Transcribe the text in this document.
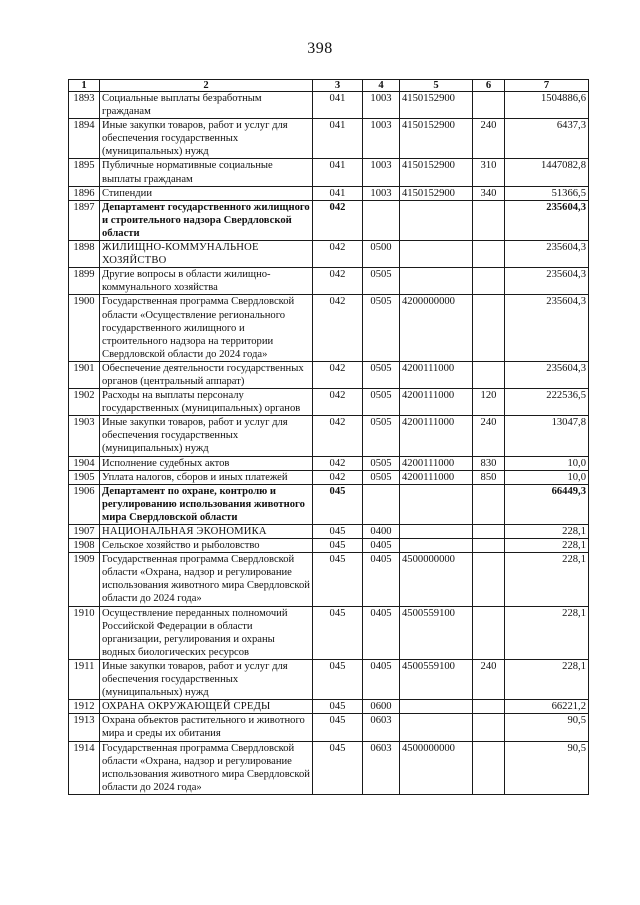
398
1	2	3	4	5	6	7
1893	Социальные выплаты безработным гражданам	041	1003	4150152900		1504886,6
1894	Иные закупки товаров, работ и услуг для обеспечения государственных (муниципальных) нужд	041	1003	4150152900	240	6437,3
1895	Публичные нормативные социальные выплаты гражданам	041	1003	4150152900	310	1447082,8
1896	Стипендии	041	1003	4150152900	340	51366,5
1897	Департамент государственного жилищного и строительного надзора Свердловской области	042				235604,3
1898	ЖИЛИЩНО-КОММУНАЛЬНОЕ ХОЗЯЙСТВО	042	0500			235604,3
1899	Другие вопросы в области жилищно-коммунального хозяйства	042	0505			235604,3
1900	Государственная программа Свердловской области «Осуществление регионального государственного жилищного и строительного надзора на территории Свердловской области до 2024 года»	042	0505	4200000000		235604,3
1901	Обеспечение деятельности государственных органов (центральный аппарат)	042	0505	4200111000		235604,3
1902	Расходы на выплаты персоналу государственных (муниципальных) органов	042	0505	4200111000	120	222536,5
1903	Иные закупки товаров, работ и услуг для обеспечения государственных (муниципальных) нужд	042	0505	4200111000	240	13047,8
1904	Исполнение судебных актов	042	0505	4200111000	830	10,0
1905	Уплата налогов, сборов и иных платежей	042	0505	4200111000	850	10,0
1906	Департамент по охране, контролю и регулированию использования животного мира Свердловской области	045				66449,3
1907	НАЦИОНАЛЬНАЯ ЭКОНОМИКА	045	0400			228,1
1908	Сельское хозяйство и рыболовство	045	0405			228,1
1909	Государственная программа Свердловской области «Охрана, надзор и регулирование использования животного мира Свердловской области до 2024 года»	045	0405	4500000000		228,1
1910	Осуществление переданных полномочий Российской Федерации в области организации, регулирования и охраны водных биологических ресурсов	045	0405	4500559100		228,1
1911	Иные закупки товаров, работ и услуг для обеспечения государственных (муниципальных) нужд	045	0405	4500559100	240	228,1
1912	ОХРАНА ОКРУЖАЮЩЕЙ СРЕДЫ	045	0600			66221,2
1913	Охрана объектов растительного и животного мира и среды их обитания	045	0603			90,5
1914	Государственная программа Свердловской области «Охрана, надзор и регулирование использования животного мира Свердловской области до 2024 года»	045	0603	4500000000		90,5
